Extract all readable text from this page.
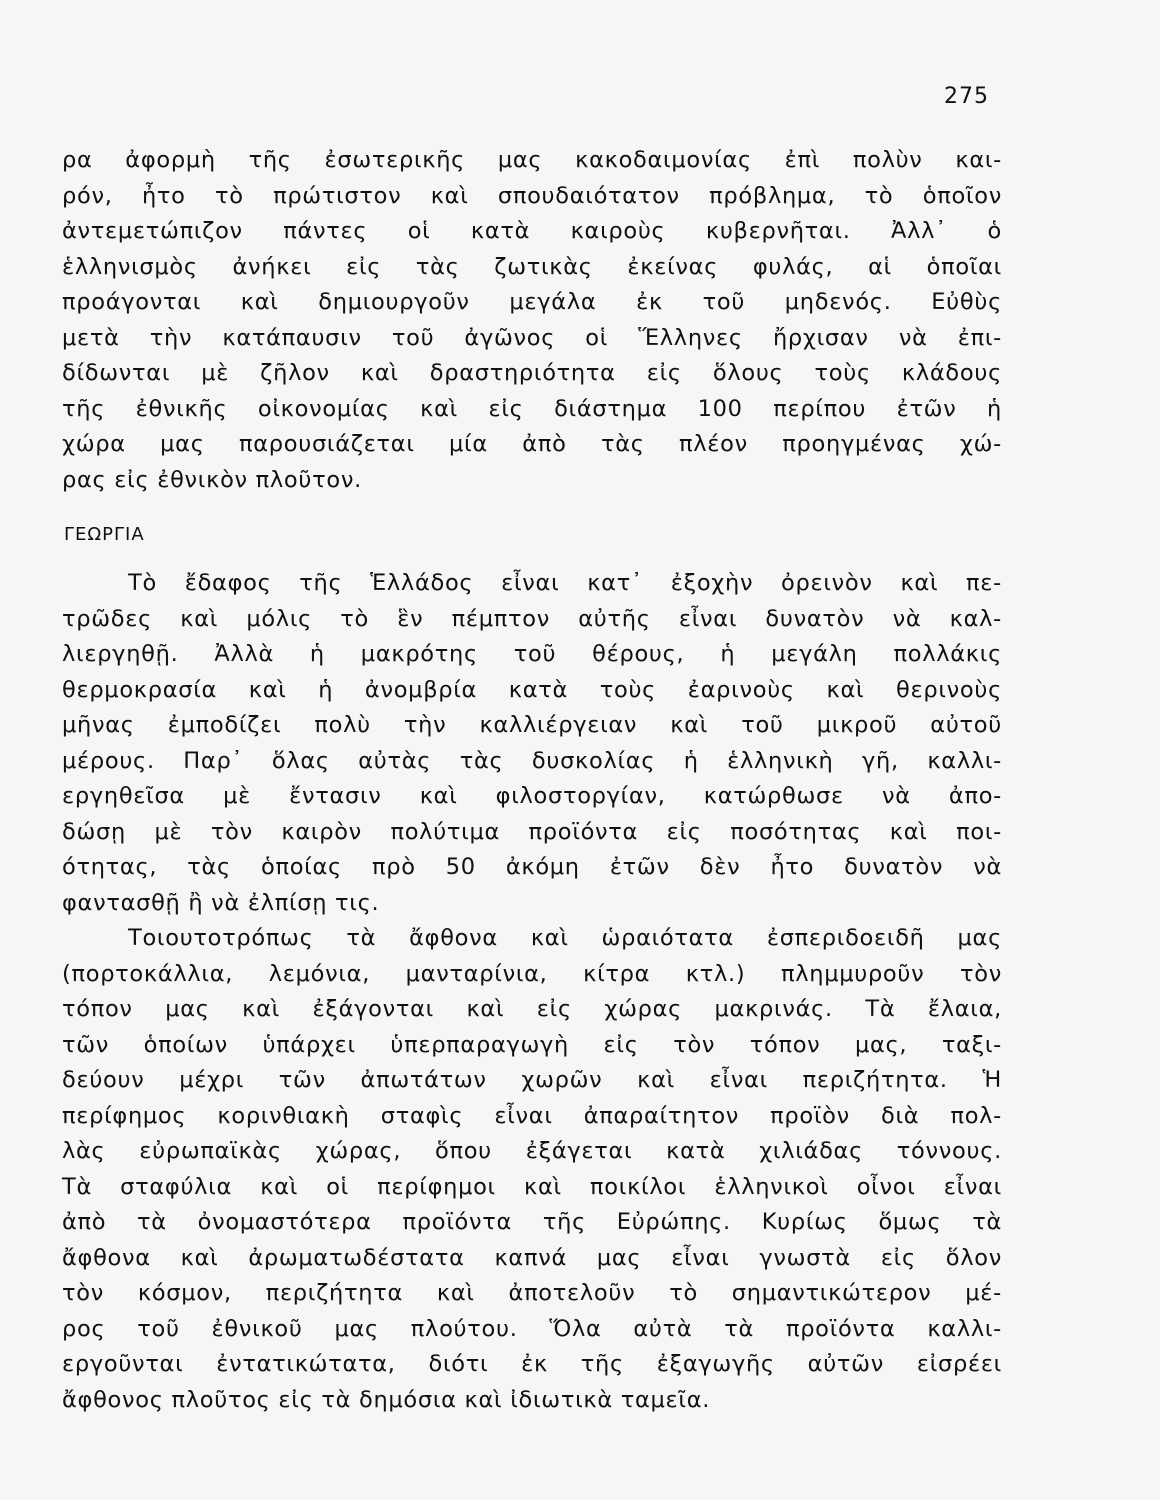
275
ρα ἀφορμὴ τῆς ἐσωτερικῆς μας κακοδαιμονίας ἐπὶ πολὺν και-
ρόν, ἦτο τὸ πρώτιστον καὶ σπουδαιότατον πρόβλημα, τὸ ὁποῖον
ἀντεμετώπιζον πάντες οἱ κατὰ καιροὺς κυβερνῆται. Ἀλλ᾽ ὁ
ἑλληνισμὸς ἀνήκει εἰς τὰς ζωτικὰς ἐκείνας φυλάς, αἱ ὁποῖαι
προάγονται καὶ δημιουργοῦν μεγάλα ἐκ τοῦ μηδενός. Εὐθὺς
μετὰ τὴν κατάπαυσιν τοῦ ἀγῶνος οἱ Ἕλληνες ἤρχισαν νὰ ἐπι-
δίδωνται μὲ ζῆλον καὶ δραστηριότητα εἰς ὅλους τοὺς κλάδους
τῆς ἐθνικῆς οἰκονομίας καὶ εἰς διάστημα 100 περίπου ἐτῶν ἡ
χώρα μας παρουσιάζεται μία ἀπὸ τὰς πλέον προηγμένας χώ-
ρας εἰς ἐθνικὸν πλοῦτον.
ΓΕΩΡΓΙΑ
Τὸ ἔδαφος τῆς Ἑλλάδος εἶναι κατ᾽ ἐξοχὴν ὀρεινὸν καὶ πε-
τρῶδες καὶ μόλις τὸ ἓν πέμπτον αὐτῆς εἶναι δυνατὸν νὰ καλ-
λιεργηθῇ. Ἀλλὰ ἡ μακρότης τοῦ θέρους, ἡ μεγάλη πολλάκις
θερμοκρασία καὶ ἡ ἀνομβρία κατὰ τοὺς ἐαρινοὺς καὶ θερινοὺς
μῆνας ἐμποδίζει πολὺ τὴν καλλιέργειαν καὶ τοῦ μικροῦ αὐτοῦ
μέρους. Παρ᾽ ὅλας αὐτὰς τὰς δυσκολίας ἡ ἑλληνικὴ γῆ, καλλι-
εργηθεῖσα μὲ ἔντασιν καὶ φιλοστοργίαν, κατώρθωσε νὰ ἀπο-
δώσῃ μὲ τὸν καιρὸν πολύτιμα προϊόντα εἰς ποσότητας καὶ ποι-
ότητας, τὰς ὁποίας πρὸ 50 ἀκόμη ἐτῶν δὲν ἦτο δυνατὸν νὰ
φαντασθῇ ἢ νὰ ἐλπίσῃ τις.
Τοιουτοτρόπως τὰ ἄφθονα καὶ ὡραιότατα ἐσπεριδοειδῆ μας
(πορτοκάλλια, λεμόνια, μανταρίνια, κίτρα κτλ.) πλημμυροῦν τὸν
τόπον μας καὶ ἐξάγονται καὶ εἰς χώρας μακρινάς. Τὰ ἔλαια,
τῶν ὁποίων ὑπάρχει ὑπερπαραγωγὴ εἰς τὸν τόπον μας, ταξι-
δεύουν μέχρι τῶν ἀπωτάτων χωρῶν καὶ εἶναι περιζήτητα. Ἡ
περίφημος κορινθιακὴ σταφὶς εἶναι ἀπαραίτητον προϊὸν διὰ πολ-
λὰς εὐρωπαϊκὰς χώρας, ὅπου ἐξάγεται κατὰ χιλιάδας τόννους.
Τὰ σταφύλια καὶ οἱ περίφημοι καὶ ποικίλοι ἑλληνικοὶ οἶνοι εἶναι
ἀπὸ τὰ ὀνομαστότερα προϊόντα τῆς Εὐρώπης. Κυρίως ὅμως τὰ
ἄφθονα καὶ ἀρωματωδέστατα καπνά μας εἶναι γνωστὰ εἰς ὅλον
τὸν κόσμον, περιζήτητα καὶ ἀποτελοῦν τὸ σημαντικώτερον μέ-
ρος τοῦ ἐθνικοῦ μας πλούτου. Ὅλα αὐτὰ τὰ προϊόντα καλλι-
εργοῦνται ἐντατικώτατα, διότι ἐκ τῆς ἐξαγωγῆς αὐτῶν εἰσρέει
ἄφθονος πλοῦτος εἰς τὰ δημόσια καὶ ἰδιωτικὰ ταμεῖα.
